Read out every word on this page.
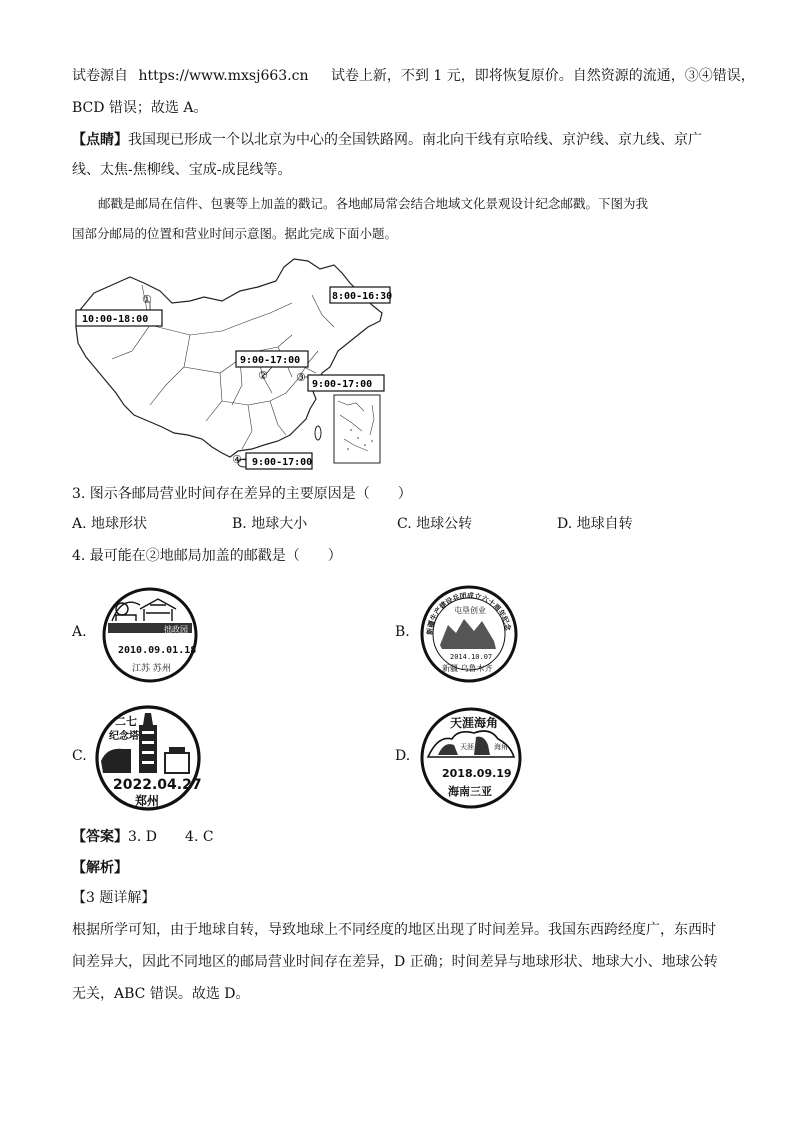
试卷源自 https://www.mxsj663.cn 试卷上新，不到 1 元，即将恢复原价。自然资源的流通，③④错误，
BCD 错误；故选 A。
【点睛】我国现已形成一个以北京为中心的全国铁路网。南北向干线有京哈线、京沪线、京九线、京广
线、太焦-焦柳线、宝成-成昆线等。
邮戳是邮局在信件、包裹等上加盖的戳记。各地邮局常会结合地域文化景观设计纪念邮戳。下图为我
国部分邮局的位置和营业时间示意图。据此完成下面小题。
①
②	③
④
10:00-18:00
9:00-17:00
9:00-17:00
9:00-17:00
8:00-16:30
3. 图示各邮局营业时间存在差异的主要原因是（　　）
A. 地球形状	B. 地球大小	C. 地球公转	D. 地球自转
4. 最可能在②地邮局加盖的邮戳是（　　）
A.	拙政园
2010.09.01.18
江苏 苏州
B. 新疆生产建设兵团成立六十周年纪念
屯垦创业
2014.10.07
新疆 乌鲁木齐
C.
二七
纪念塔
2022.04.27
郑州
D.
天涯海角
天涯	海角
2018.09.19
海南三亚
【答案】3. D　　4. C
【解析】
【3 题详解】
根据所学可知，由于地球自转，导致地球上不同经度的地区出现了时间差异。我国东西跨经度广，东西时
间差异大，因此不同地区的邮局营业时间存在差异，D 正确；时间差异与地球形状、地球大小、地球公转
无关，ABC 错误。故选 D。
